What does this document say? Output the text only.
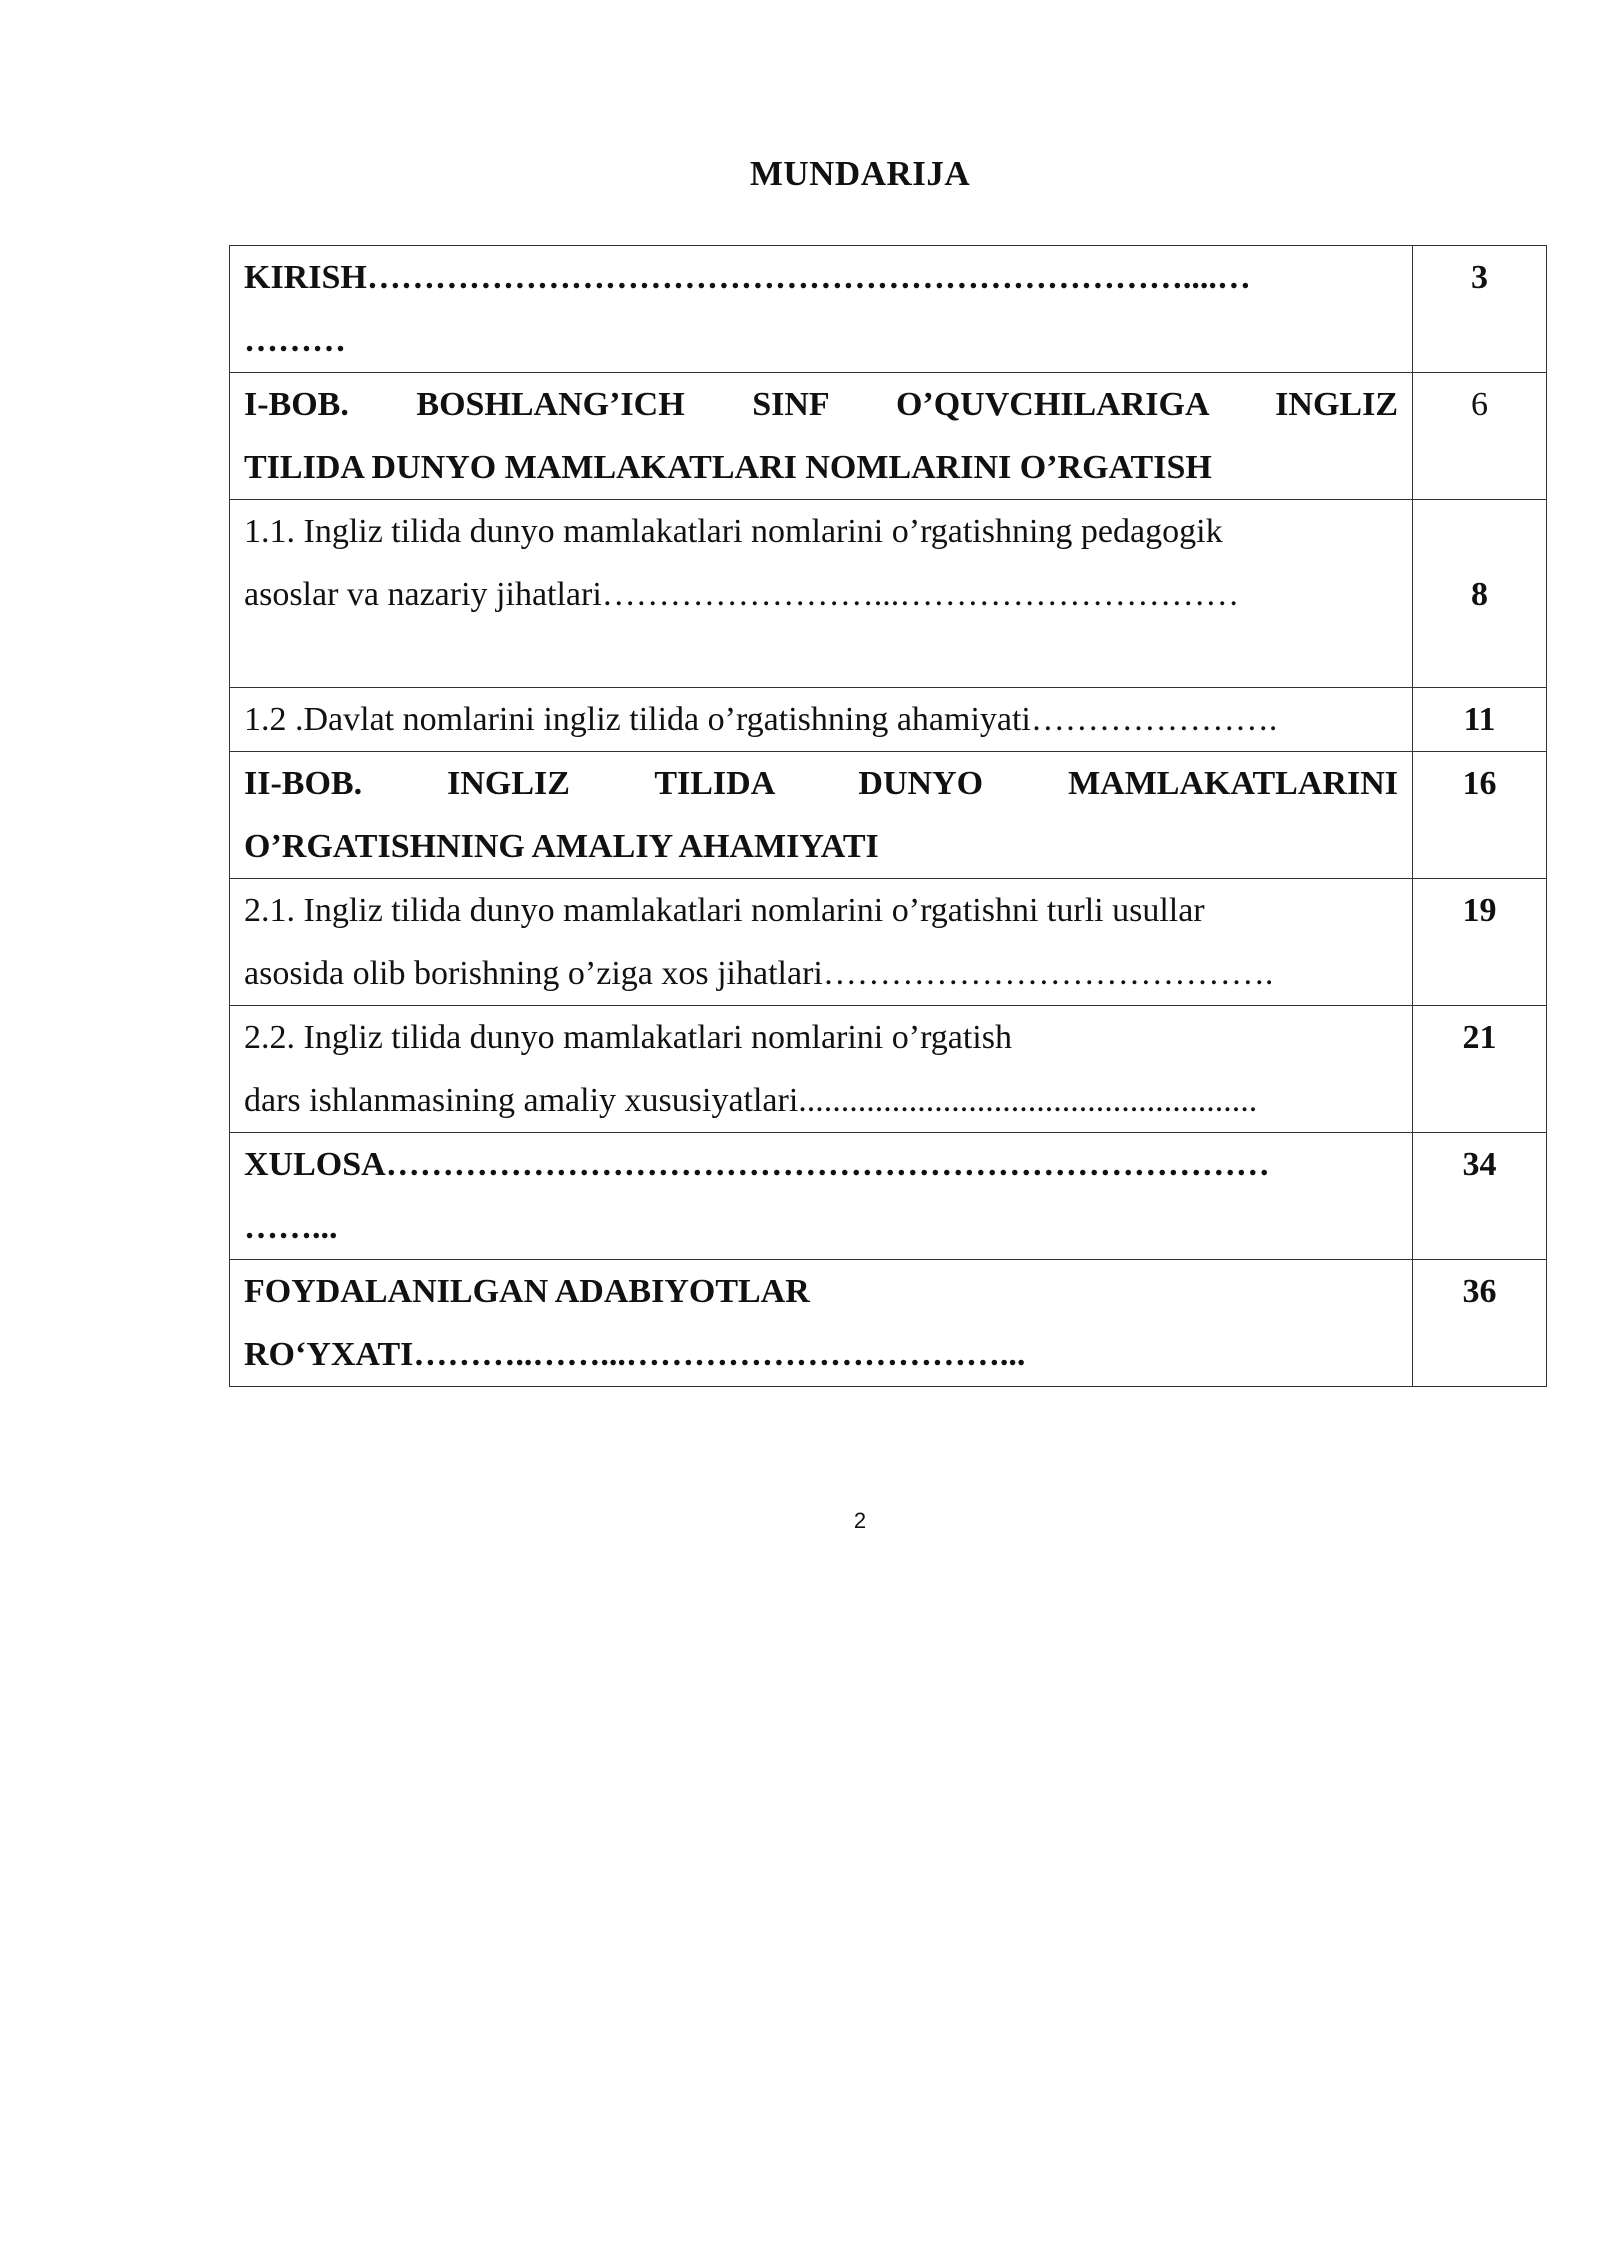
MUNDARIJA
KIRISH………………………………………………………………....…
………	3

I-BOB. BOSHLANG’ICH SINF O’QUVCHILARIGA INGLIZ
TILIDA DUNYO MAMLAKATLARI NOMLARINI O’RGATISH	6

1.1. Ingliz tilida dunyo mamlakatlari nomlarini o’rgatishning pedagogik
asoslar va nazariy jihatlari……………………...…………………………	8

1.2 .Davlat nomlarini ingliz tilida o’rgatishning ahamiyati………………….	11

II-BOB. INGLIZ TILIDA DUNYO MAMLAKATLARINI
O’RGATISHNING AMALIY AHAMIYATI	16

2.1. Ingliz tilida dunyo mamlakatlari nomlarini o’rgatishni turli usullar
asosida olib borishning o’ziga xos jihatlari………………………………….	19

2.2. Ingliz tilida dunyo mamlakatlari nomlarini o’rgatish
dars ishlanmasining amaliy xususiyatlari......................................................	21

XULOSA……………………………………………………………………
……...	34

FOYDALANILGAN ADABIYOTLAR
RO‘YXATI………..……...……………………………...	36
2
